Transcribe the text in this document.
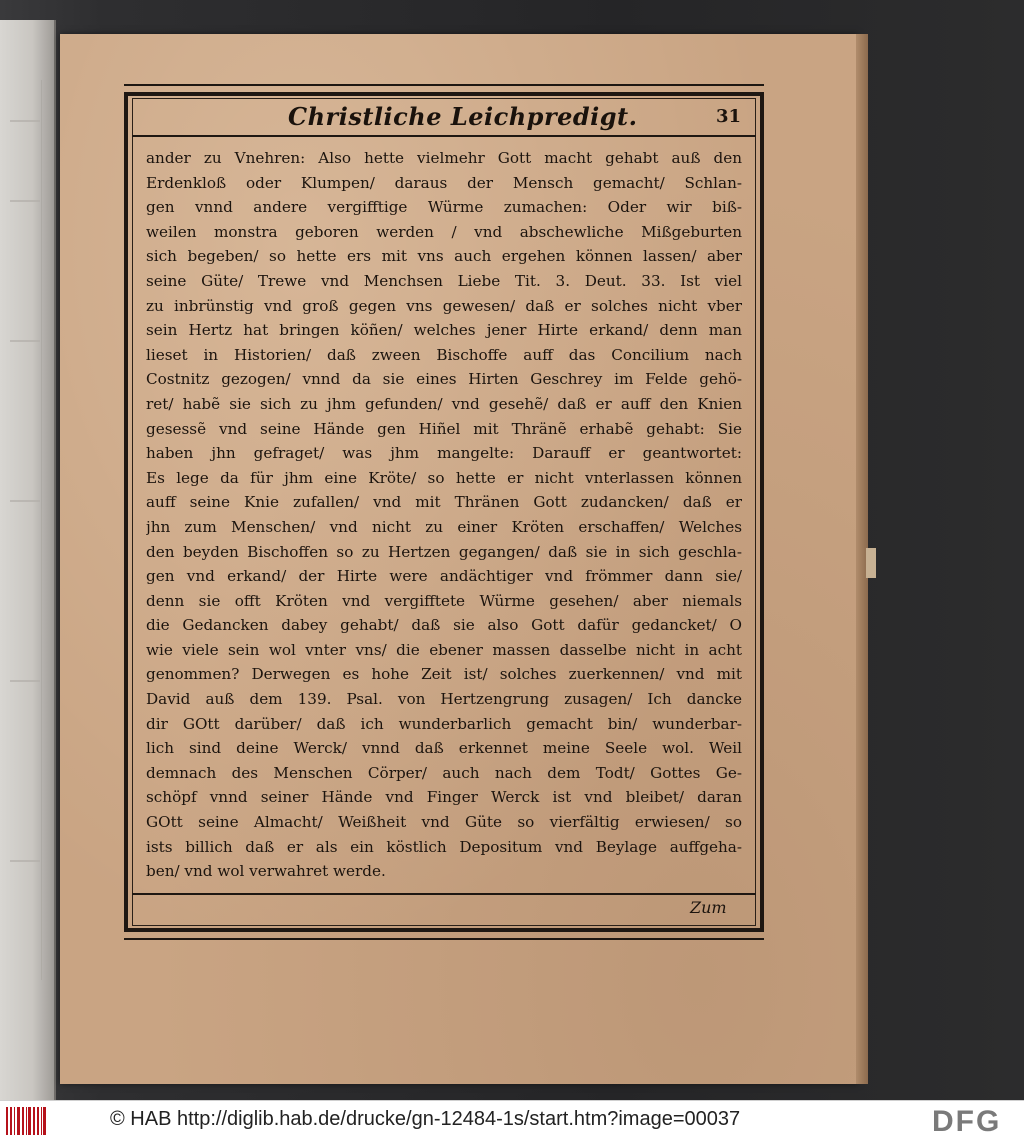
Christliche Leichpredigt.	31
ander zu Vnehren: Also hette vielmehr Gott macht gehabt auß den
Erdenkloß oder Klumpen/ daraus der Mensch gemacht/ Schlan-
gen vnnd andere vergifftige Würme zumachen: Oder wir biß-
weilen monstra geboren werden / vnd abschewliche Mißgeburten
sich begeben/ so hette ers mit vns auch ergehen können lassen/ aber
seine Güte/ Trewe vnd Menchsen Liebe Tit. 3. Deut. 33. Ist viel
zu inbrünstig vnd groß gegen vns gewesen/ daß er solches nicht vber
sein Hertz hat bringen köñen/ welches jener Hirte erkand/ denn man
lieset in Historien/ daß zween Bischoffe auff das Concilium nach
Costnitz gezogen/ vnnd da sie eines Hirten Geschrey im Felde gehö-
ret/ habẽ sie sich zu jhm gefunden/ vnd gesehẽ/ daß er auff den Knien
gesessẽ vnd seine Hände gen Hiñel mit Thränẽ erhabẽ gehabt: Sie
haben jhn gefraget/ was jhm mangelte: Darauff er geantwortet:
Es lege da für jhm eine Kröte/ so hette er nicht vnterlassen können
auff seine Knie zufallen/ vnd mit Thränen Gott zudancken/ daß er
jhn zum Menschen/ vnd nicht zu einer Kröten erschaffen/ Welches
den beyden Bischoffen so zu Hertzen gegangen/ daß sie in sich geschla-
gen vnd erkand/ der Hirte were andächtiger vnd frömmer dann sie/
denn sie offt Kröten vnd vergifftete Würme gesehen/ aber niemals
die Gedancken dabey gehabt/ daß sie also Gott dafür gedancket/ O
wie viele sein wol vnter vns/ die ebener massen dasselbe nicht in acht
genommen? Derwegen es hohe Zeit ist/ solches zuerkennen/ vnd mit
David auß dem 139. Psal. von Hertzengrung zusagen/ Ich dancke
dir GOtt darüber/ daß ich wunderbarlich gemacht bin/ wunderbar-
lich sind deine Werck/ vnnd daß erkennet meine Seele wol. Weil
demnach des Menschen Cörper/ auch nach dem Todt/ Gottes Ge-
schöpf vnnd seiner Hände vnd Finger Werck ist vnd bleibet/ daran
GOtt seine Almacht/ Weißheit vnd Güte so vierfältig erwiesen/ so
ists billich daß er als ein köstlich Depositum vnd Beylage auffgeha-
ben/ vnd wol verwahret werde.
Zum
© HAB http://diglib.hab.de/drucke/gn-12484-1s/start.htm?image=00037	DFG
